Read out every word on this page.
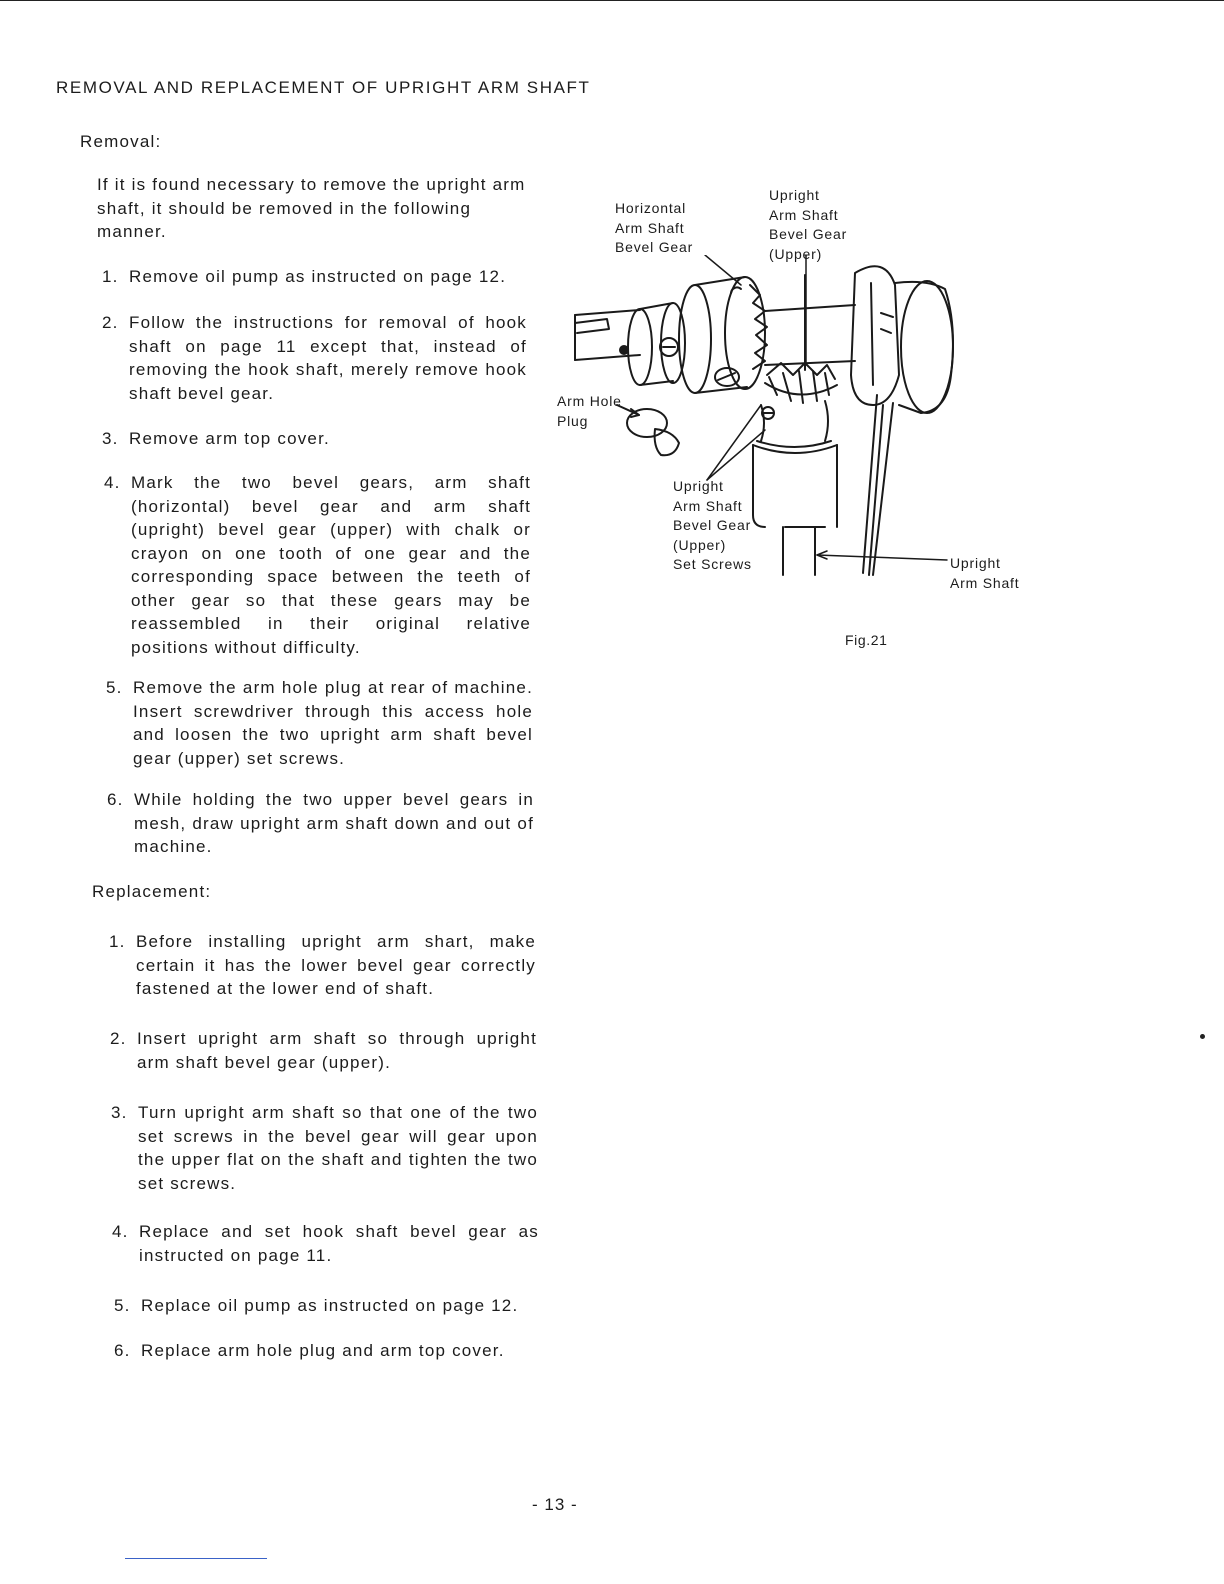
REMOVAL AND REPLACEMENT OF UPRIGHT ARM SHAFT
Removal:

If it is found necessary to remove the upright arm shaft, it should be removed in the following manner.

1. Remove oil pump as instructed on page 12.
2. Follow the instructions for removal of hook shaft on page 11 except that, instead of removing the hook shaft, merely remove hook shaft bevel gear.
3. Remove arm top cover.
4. Mark the two bevel gears, arm shaft (horizontal) bevel gear and arm shaft (upright) bevel gear (upper) with chalk or crayon on one tooth of one gear and the corresponding space between the teeth of other gear so that these gears may be reassembled in their original relative positions without difficulty.
5. Remove the arm hole plug at rear of machine. Insert screwdriver through this access hole and loosen the two upright arm shaft bevel gear (upper) set screws.
6. While holding the two upper bevel gears in mesh, draw upright arm shaft down and out of machine.
Replacement:
1. Before installing upright arm shart, make certain it has the lower bevel gear correctly fastened at the lower end of shaft.
2. Insert upright arm shaft so through upright arm shaft bevel gear (upper).
3. Turn upright arm shaft so that one of the two set screws in the bevel gear will gear upon the upper flat on the shaft and tighten the two set screws.
4. Replace and set hook shaft bevel gear as instructed on page 11.
5. Replace oil pump as instructed on page 12.
6. Replace arm hole plug and arm top cover.
Horizontal
Arm Shaft
Bevel Gear
Upright
Arm Shaft
Bevel Gear
(Upper)
Arm Hole
Plug
Upright
Arm Shaft
Bevel Gear
(Upper)
Set Screws	Upright
Arm Shaft
Fig.21
- 13 -
